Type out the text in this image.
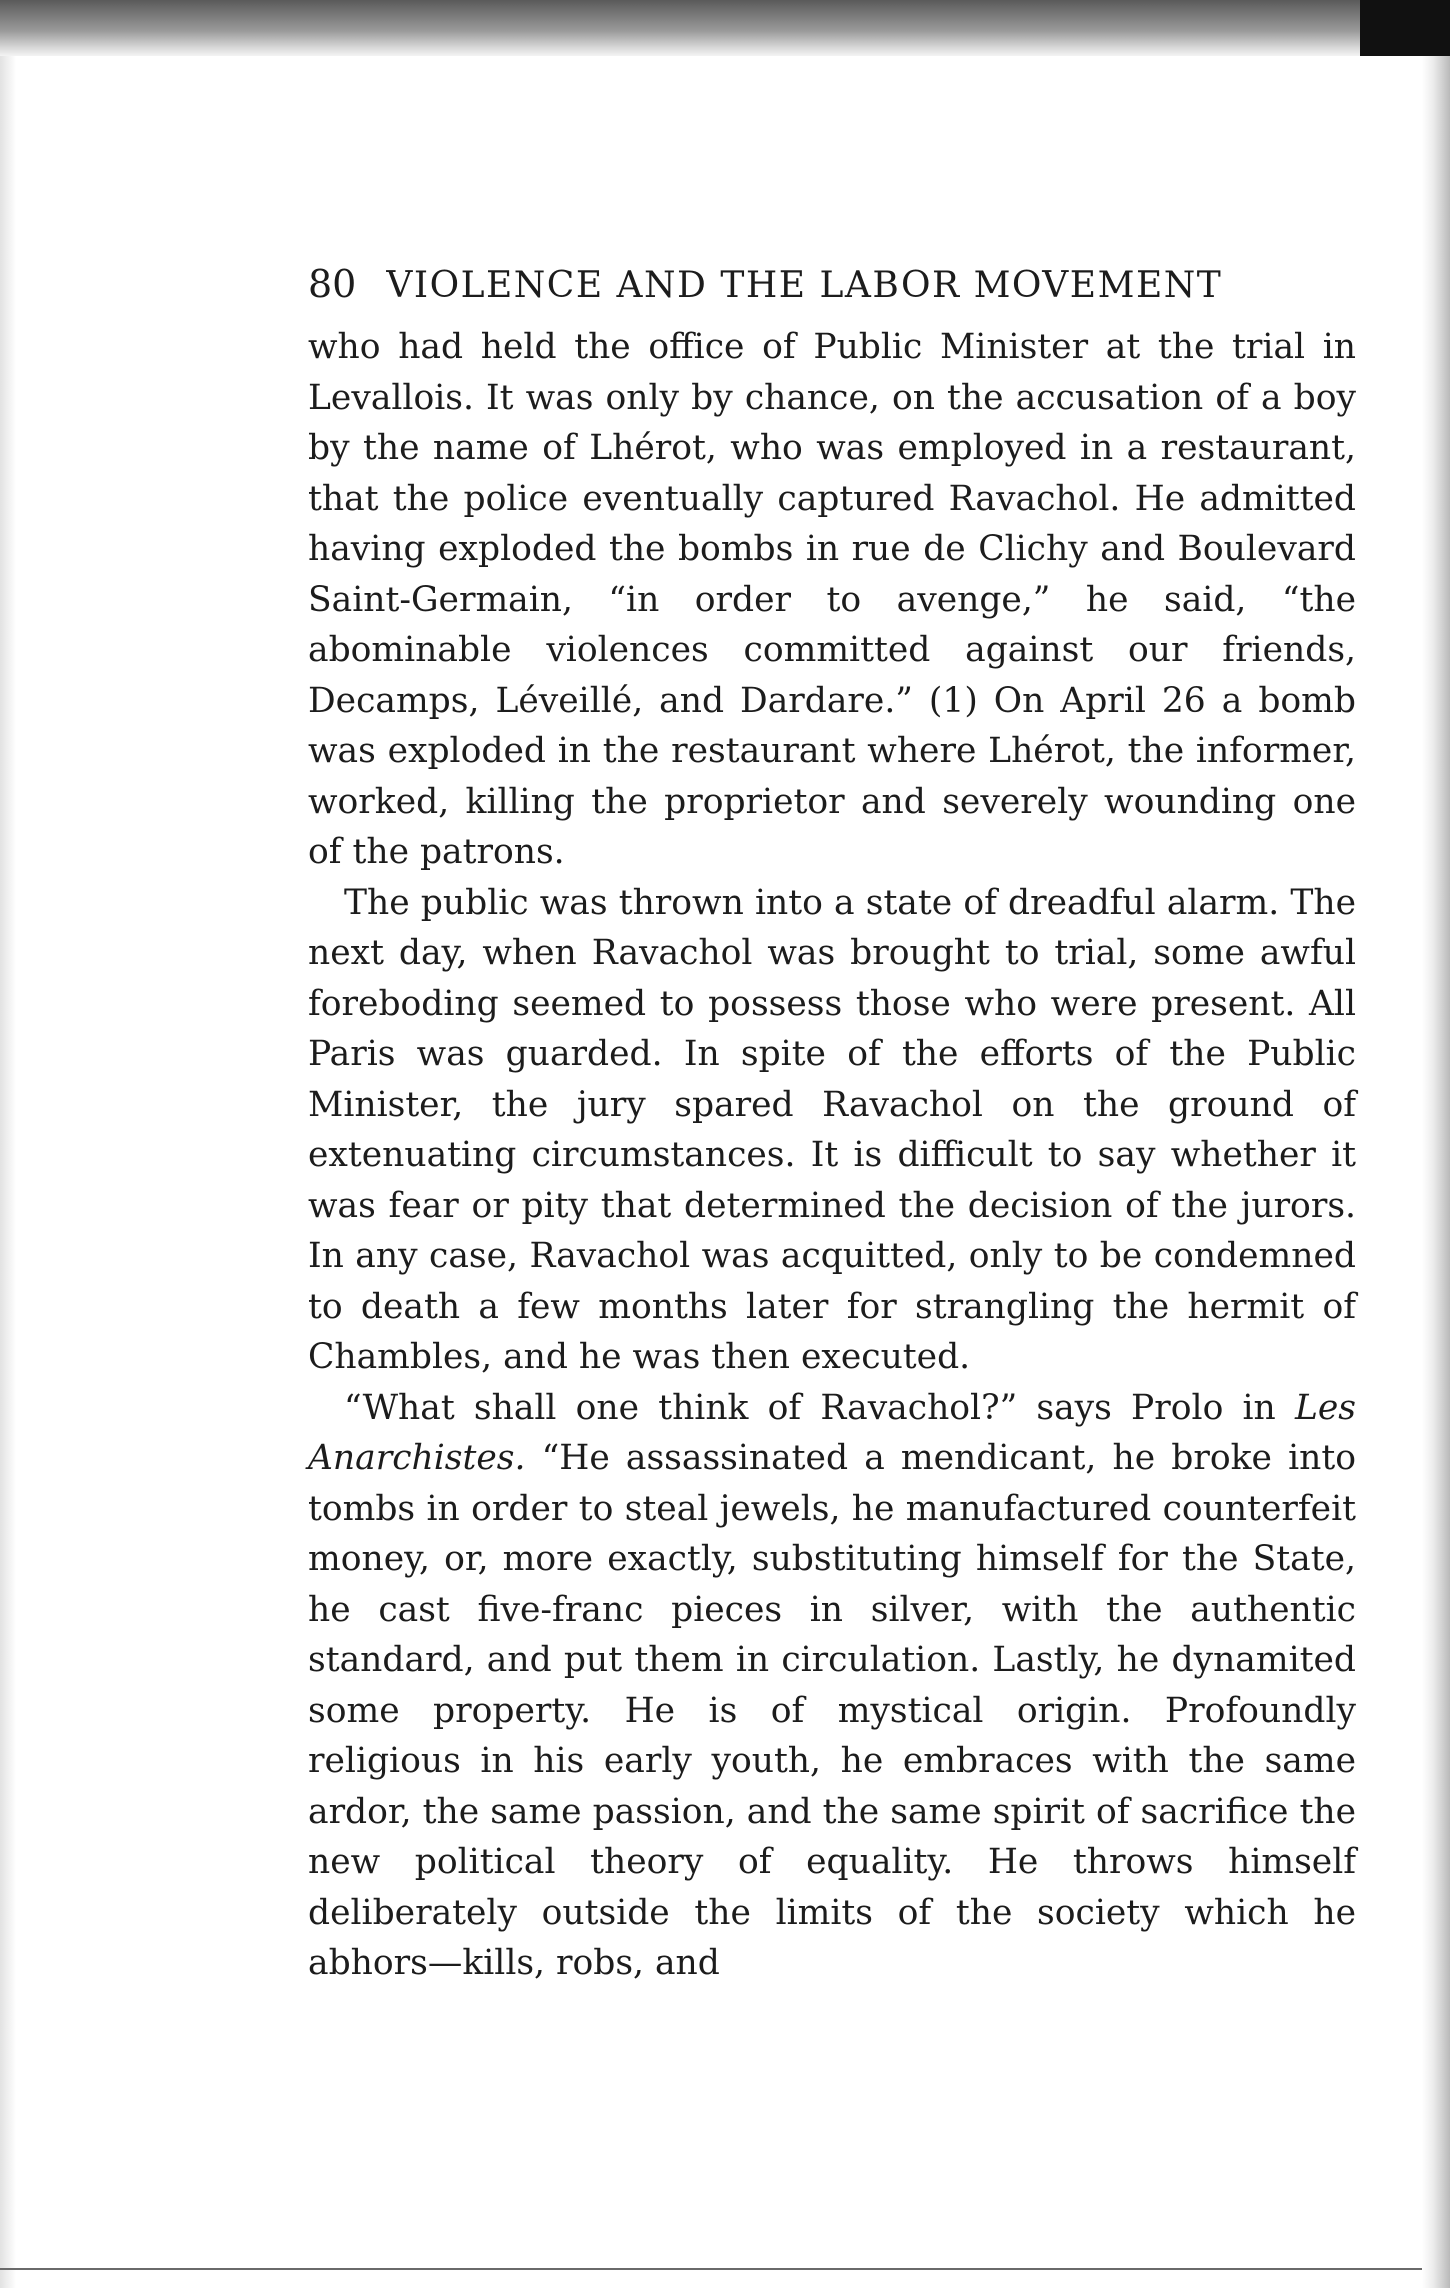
80 VIOLENCE AND THE LABOR MOVEMENT

who had held the office of Public Minister at the trial in Levallois. It was only by chance, on the accusation of a boy by the name of Lhérot, who was employed in a restaurant, that the police eventually captured Ravachol. He admitted having exploded the bombs in rue de Clichy and Boulevard Saint-Germain, “in order to avenge,” he said, “the abominable violences committed against our friends, Decamps, Léveillé, and Dardare.” (1) On April 26 a bomb was exploded in the restaurant where Lhérot, the informer, worked, killing the proprietor and severely wounding one of the patrons.

The public was thrown into a state of dreadful alarm. The next day, when Ravachol was brought to trial, some awful foreboding seemed to possess those who were present. All Paris was guarded. In spite of the efforts of the Public Minister, the jury spared Ravachol on the ground of extenuating circumstances. It is difficult to say whether it was fear or pity that determined the decision of the jurors. In any case, Ravachol was acquitted, only to be condemned to death a few months later for strangling the hermit of Chambles, and he was then executed.

“What shall one think of Ravachol?” says Prolo in Les Anarchistes. “He assassinated a mendicant, he broke into tombs in order to steal jewels, he manufactured counterfeit money, or, more exactly, substituting himself for the State, he cast five-franc pieces in silver, with the authentic standard, and put them in circulation. Lastly, he dynamited some property. He is of mystical origin. Profoundly religious in his early youth, he embraces with the same ardor, the same passion, and the same spirit of sacrifice the new political theory of equality. He throws himself deliberately outside the limits of the society which he abhors—kills, robs, and
